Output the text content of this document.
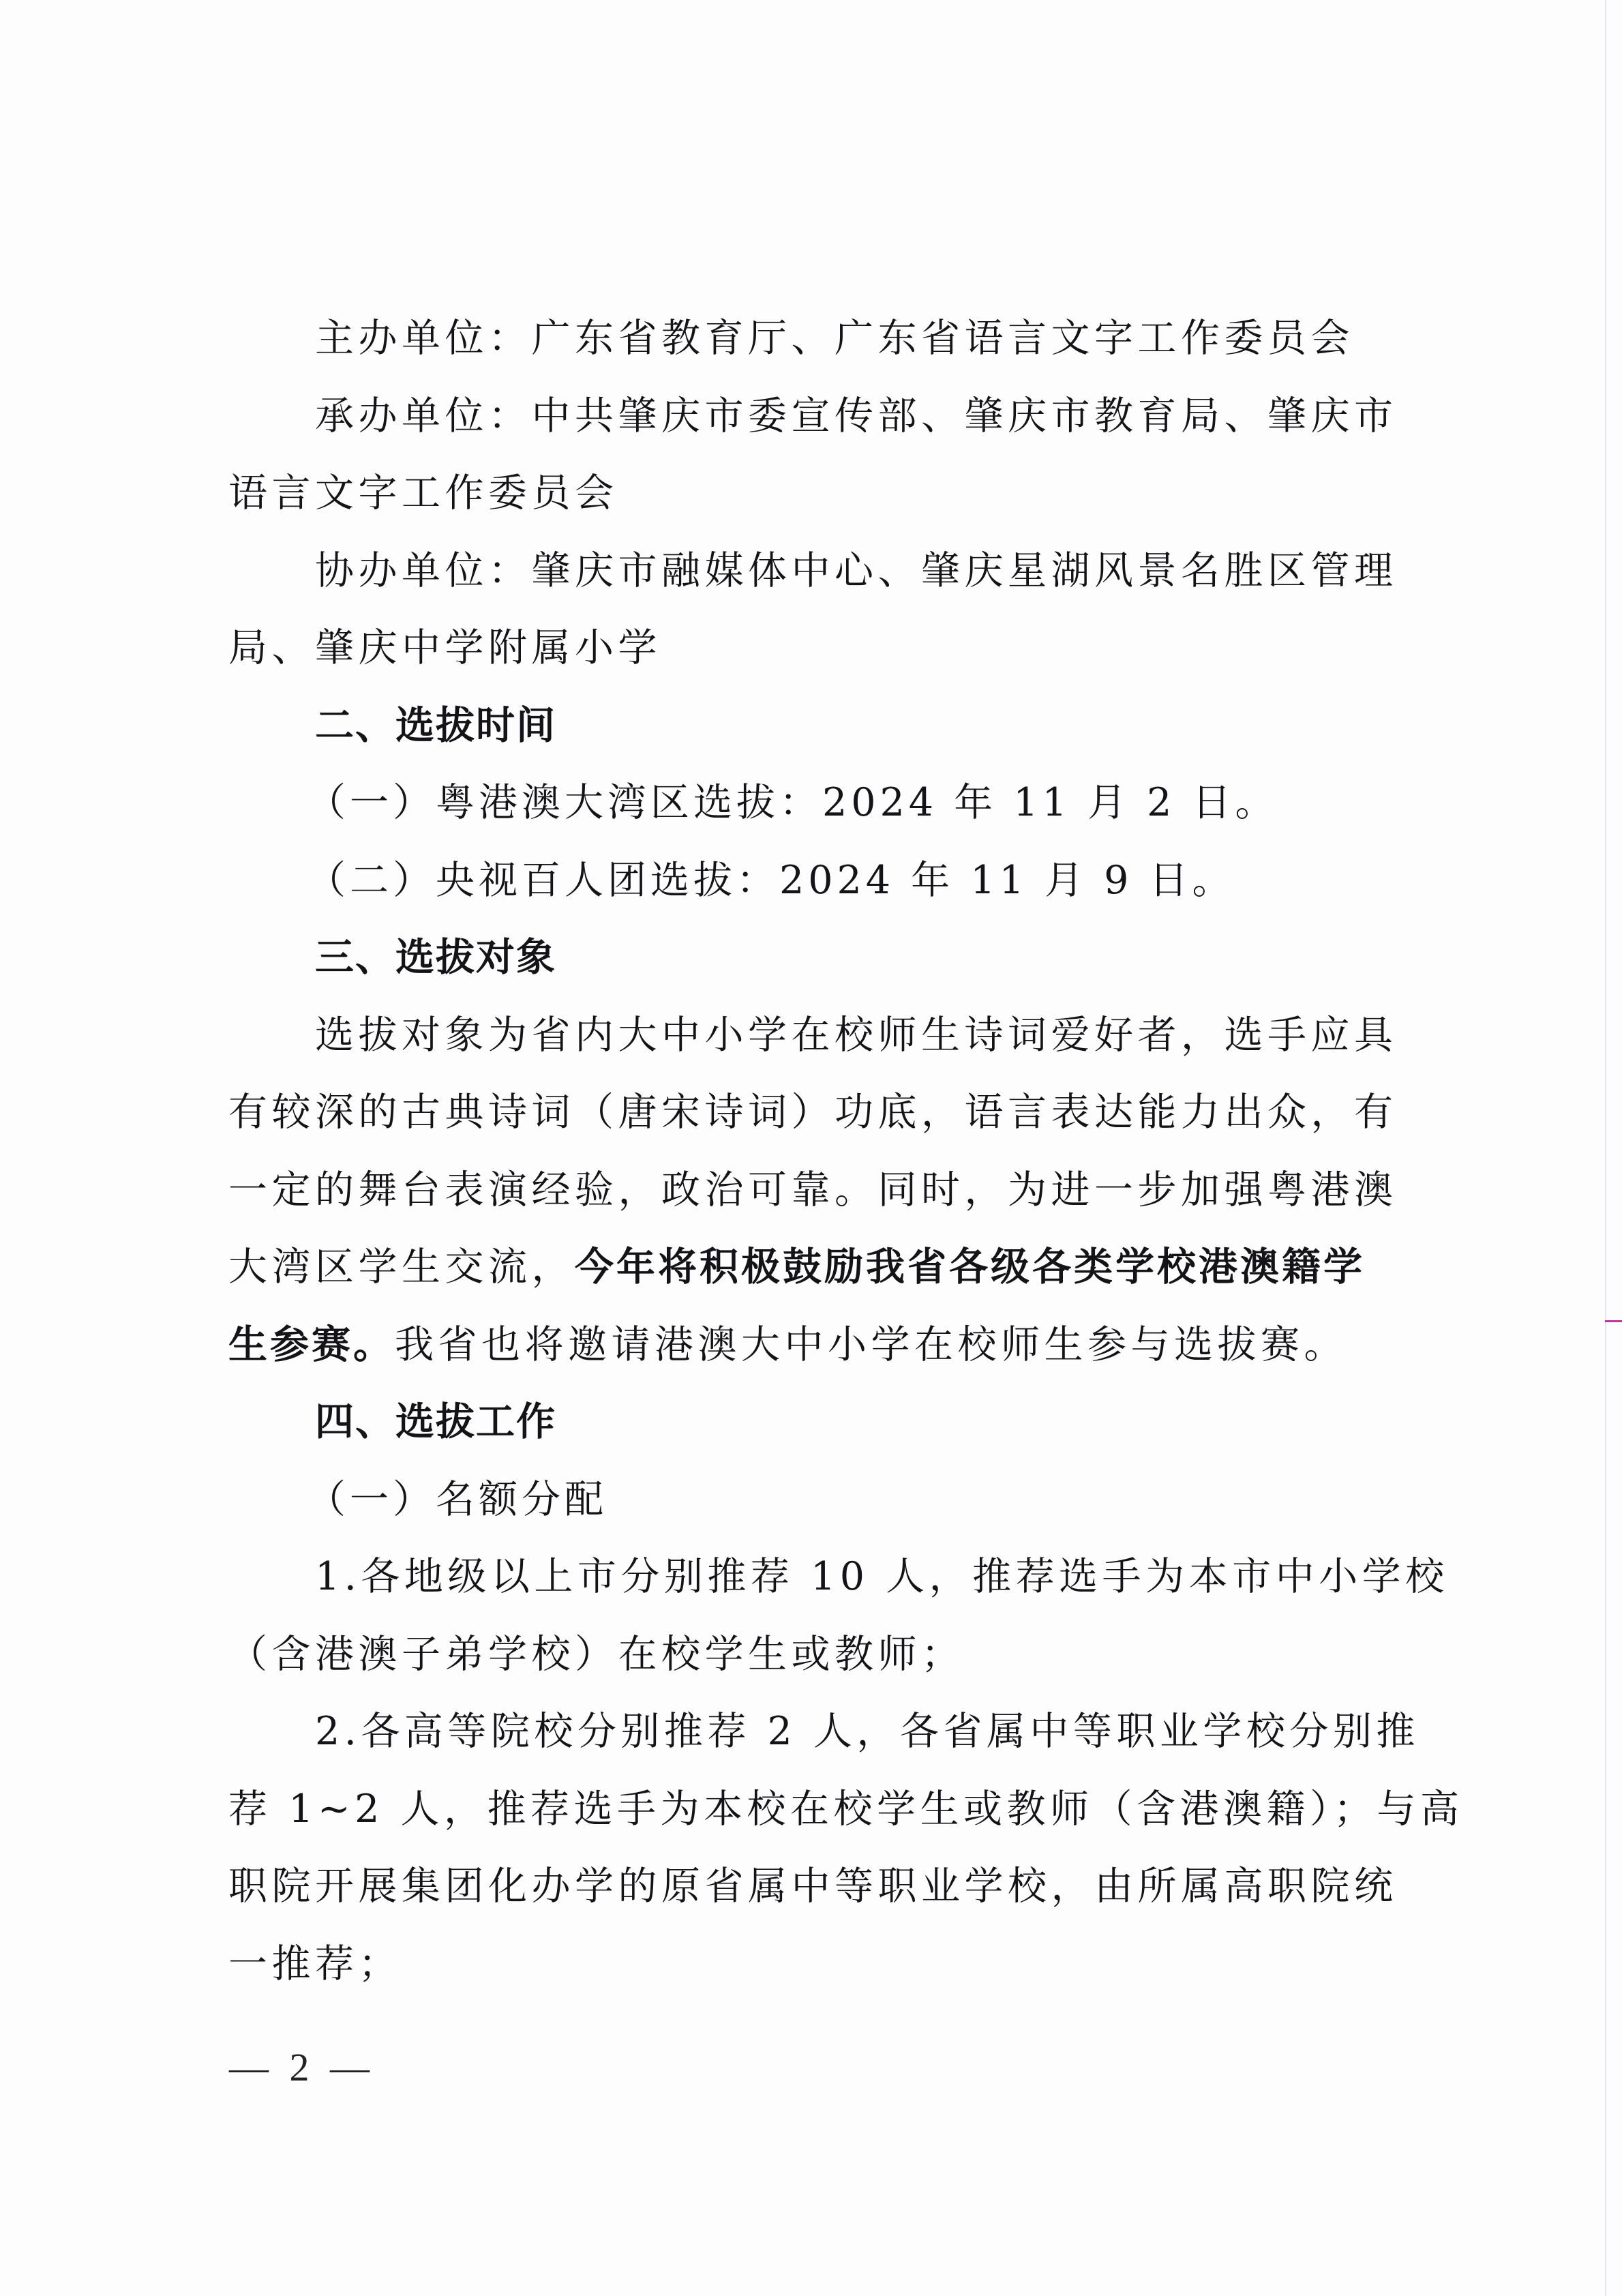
主办单位：广东省教育厅、广东省语言文字工作委员会
承办单位：中共肇庆市委宣传部、肇庆市教育局、肇庆市
语言文字工作委员会
协办单位：肇庆市融媒体中心、肇庆星湖风景名胜区管理
局、肇庆中学附属小学
二、选拔时间
（一）粤港澳大湾区选拔：2024 年 11 月 2 日。
（二）央视百人团选拔：2024 年 11 月 9 日。
三、选拔对象
选拔对象为省内大中小学在校师生诗词爱好者，选手应具
有较深的古典诗词（唐宋诗词）功底，语言表达能力出众，有
一定的舞台表演经验，政治可靠。同时，为进一步加强粤港澳
大湾区学生交流，今年将积极鼓励我省各级各类学校港澳籍学
生参赛。我省也将邀请港澳大中小学在校师生参与选拔赛。
四、选拔工作
（一）名额分配
1.各地级以上市分别推荐 10 人，推荐选手为本市中小学校
（含港澳子弟学校）在校学生或教师；
2.各高等院校分别推荐 2 人，各省属中等职业学校分别推
荐 1~2 人，推荐选手为本校在校学生或教师（含港澳籍）；与高
职院开展集团化办学的原省属中等职业学校，由所属高职院统
一推荐；
— 2 —
